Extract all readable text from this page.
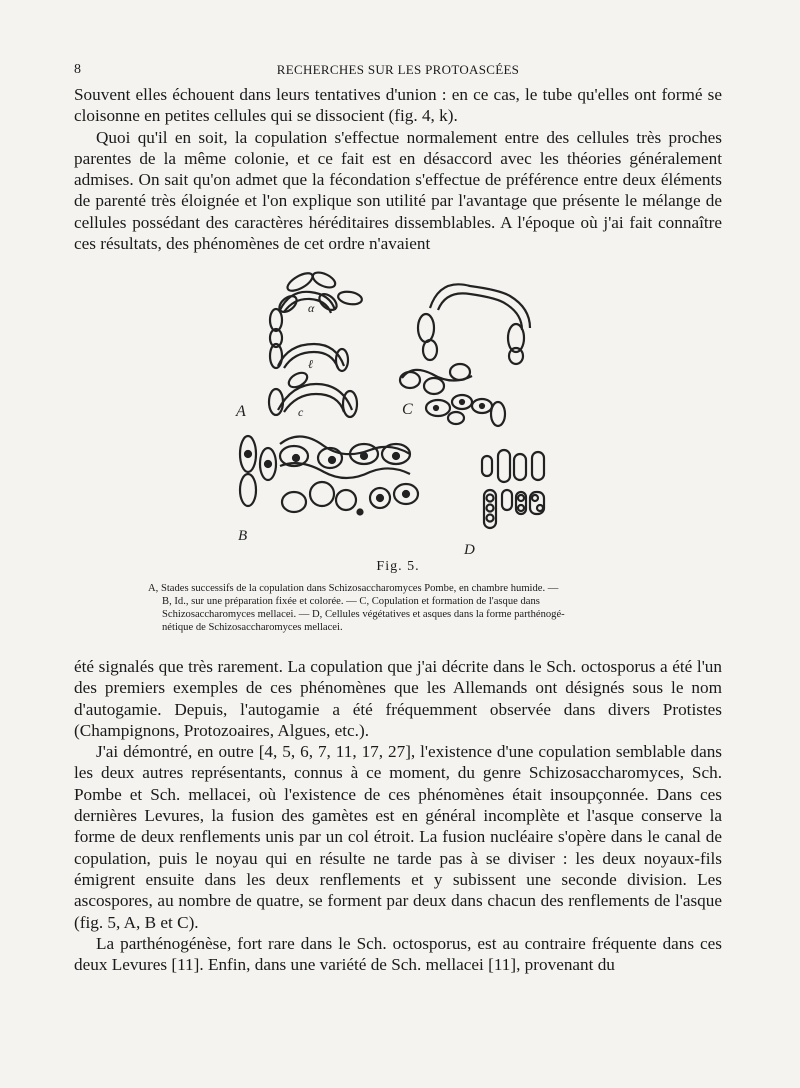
8	RECHERCHES SUR LES PROTOASCÉES

Souvent elles échouent dans leurs tentatives d'union : en ce cas, le tube qu'elles ont formé se cloisonne en petites cellules qui se dissocient (fig. 4, k).

Quoi qu'il en soit, la copulation s'effectue normalement entre des cellules très proches parentes de la même colonie, et ce fait est en désaccord avec les théories généralement admises. On sait qu'on admet que la fécondation s'effectue de préférence entre deux éléments de parenté très éloignée et l'on explique son utilité par l'avantage que présente le mélange de cellules possédant des caractères héréditaires dissemblables. A l'époque où j'ai fait connaître ces résultats, des phénomènes de cet ordre n'avaient

α
ℓ
c
A	C
B
D
Fig. 5.

A, Stades successifs de la copulation dans Schizosaccharomyces Pombe, en chambre humide. —

B, Id., sur une préparation fixée et colorée. — C, Copulation et formation de l'asque dans

Schizosaccharomyces mellacei. — D, Cellules végétatives et asques dans la forme parthénogé-

nétique de Schizosaccharomyces mellacei.

été signalés que très rarement. La copulation que j'ai décrite dans le Sch. octosporus a été l'un des premiers exemples de ces phénomènes que les Allemands ont désignés sous le nom d'autogamie. Depuis, l'autogamie a été fréquemment observée dans divers Protistes (Champignons, Protozoaires, Algues, etc.).

J'ai démontré, en outre [4, 5, 6, 7, 11, 17, 27], l'existence d'une copulation semblable dans les deux autres représentants, connus à ce moment, du genre Schizosaccharomyces, Sch. Pombe et Sch. mellacei, où l'existence de ces phénomènes était insoupçonnée. Dans ces dernières Levures, la fusion des gamètes est en général incomplète et l'asque conserve la forme de deux renflements unis par un col étroit. La fusion nucléaire s'opère dans le canal de copulation, puis le noyau qui en résulte ne tarde pas à se diviser : les deux noyaux-fils émigrent ensuite dans les deux renflements et y subissent une seconde division. Les ascospores, au nombre de quatre, se forment par deux dans chacun des renflements de l'asque (fig. 5, A, B et C).

La parthénogénèse, fort rare dans le Sch. octosporus, est au contraire fréquente dans ces deux Levures [11]. Enfin, dans une variété de Sch. mellacei [11], provenant du
